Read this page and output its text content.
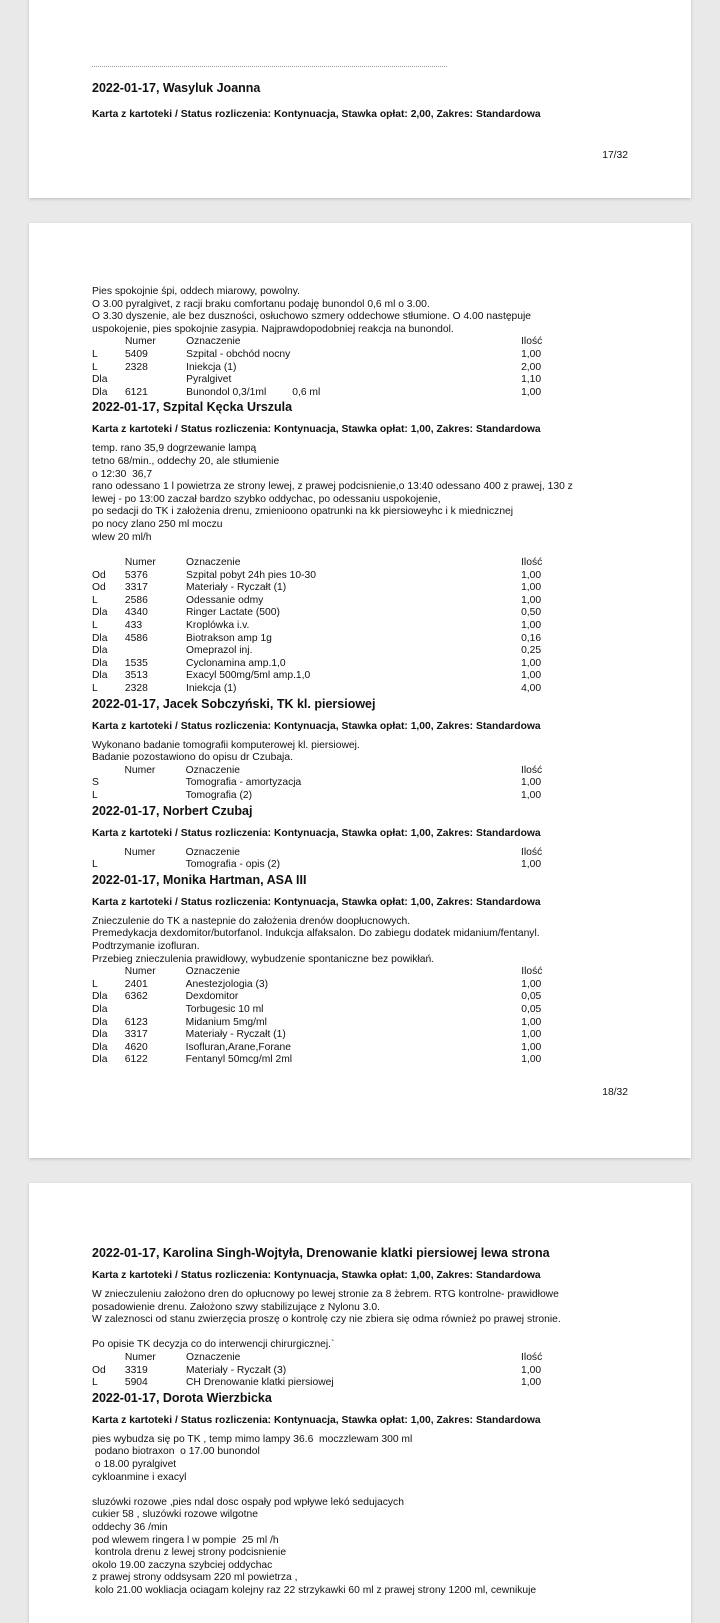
2022-01-17, Wasyluk Joanna

Karta z kartoteki / Status rozliczenia: Kontynuacja, Stawka opłat: 2,00, Zakres: Standardowa

17/32

Pies spokojnie śpi, oddech miarowy, powolny.
O 3.00 pyralgivet, z racji braku comfortanu podaję bunondol 0,6 ml o 3.00.
O 3.30 dyszenie, ale bez duszności, osłuchowo szmery oddechowe stłumione. O 4.00 następuje
uspokojenie, pies spokojnie zasypia. Najprawdopodobniej reakcja na bunondol.

	Numer	Oznaczenie	Ilość
L	5409	Szpital - obchód nocny	1,00
L	2328	Iniekcja (1)	2,00
Dla		Pyralgivet	1,10
Dla	6121	Bunondol 0,3/1ml 0,6 ml	1,00

2022-01-17, Szpital Kęcka Urszula

Karta z kartoteki / Status rozliczenia: Kontynuacja, Stawka opłat: 1,00, Zakres: Standardowa

temp. rano 35,9 dogrzewanie lampą
tetno 68/min., oddechy 20, ale stłumienie
o 12:30  36,7
rano odessano 1 l powietrza ze strony lewej, z prawej podcisnienie,o 13:40 odessano 400 z prawej, 130 z
lewej - po 13:00 zaczał bardzo szybko oddychac, po odessaniu uspokojenie,
po sedacji do TK i założenia drenu, zmienioono opatrunki na kk piersioweyhc i k miednicznej
po nocy zlano 250 ml moczu
wlew 20 ml/h

	Numer	Oznaczenie	Ilość
Od	5376	Szpital pobyt 24h pies 10-30	1,00
Od	3317	Materiały - Ryczałt (1)	1,00
L	2586	Odessanie odmy	1,00
Dla	4340	Ringer Lactate (500)	0,50
L	433	Kroplówka i.v.	1,00
Dla	4586	Biotrakson amp 1g	0,16
Dla		Omeprazol inj.	0,25
Dla	1535	Cyclonamina amp.1,0	1,00
Dla	3513	Exacyl 500mg/5ml amp.1,0	1,00
L	2328	Iniekcja (1)	4,00

2022-01-17, Jacek Sobczyński, TK kl. piersiowej

Karta z kartoteki / Status rozliczenia: Kontynuacja, Stawka opłat: 1,00, Zakres: Standardowa

Wykonano badanie tomografii komputerowej kl. piersiowej.
Badanie pozostawiono do opisu dr Czubaja.

	Numer	Oznaczenie	Ilość
S		Tomografia - amortyzacja	1,00
L		Tomografia (2)	1,00

2022-01-17, Norbert Czubaj

Karta z kartoteki / Status rozliczenia: Kontynuacja, Stawka opłat: 1,00, Zakres: Standardowa

	Numer	Oznaczenie	Ilość
L		Tomografia - opis (2)	1,00

2022-01-17, Monika Hartman, ASA III

Karta z kartoteki / Status rozliczenia: Kontynuacja, Stawka opłat: 1,00, Zakres: Standardowa

Znieczulenie do TK a nastepnie do założenia drenów doopłucnowych.
Premedykacja dexdomitor/butorfanol. Indukcja alfaksalon. Do zabiegu dodatek midanium/fentanyl.
Podtrzymanie izofluran.
Przebieg znieczulenia prawidłowy, wybudzenie spontaniczne bez powikłań.

	Numer	Oznaczenie	Ilość
L	2401	Anestezjologia (3)	1,00
Dla	6362	Dexdomitor	0,05
Dla		Torbugesic 10 ml	0,05
Dla	6123	Midanium 5mg/ml	1,00
Dla	3317	Materiały - Ryczałt (1)	1,00
Dla	4620	Isofluran,Arane,Forane	1,00
Dla	6122	Fentanyl 50mcg/ml 2ml	1,00
18/32

2022-01-17, Karolina Singh-Wojtyła, Drenowanie klatki piersiowej lewa strona

Karta z kartoteki / Status rozliczenia: Kontynuacja, Stawka opłat: 1,00, Zakres: Standardowa

W znieczuleniu założono dren do opłucnowy po lewej stronie za 8 żebrem. RTG kontrolne- prawidłowe
posadowienie drenu. Założono szwy stabilizujące z Nylonu 3.0.
W zaleznosci od stanu zwierzęcia proszę o kontrolę czy nie zbiera się odma również po prawej stronie.

Po opisie TK decyzja co do interwencji chirurgicznej.`

	Numer	Oznaczenie	Ilość
Od	3319	Materiały - Ryczałt (3)	1,00
L	5904	CH Drenowanie klatki piersiowej	1,00

2022-01-17, Dorota Wierzbicka

Karta z kartoteki / Status rozliczenia: Kontynuacja, Stawka opłat: 1,00, Zakres: Standardowa

pies wybudza się po TK , temp mimo lampy 36.6  moczzlewam 300 ml
podano biotraxon  o 17.00 bunondol
o 18.00 pyralgivet
cykloanmine i exacyl

sluzówki rozowe ,pies ndal dosc ospały pod wpływe lekó sedujacych
cukier 58 , sluzówki rozowe wilgotne
oddechy 36 /min
pod wlewem ringera l w pompie  25 ml /h
kontrola drenu z lewej strony podcisnienie
okolo 19.00 zaczyna szybciej oddychac
z prawej strony oddsysam 220 ml powietrza ,
kolo 21.00 wokliacja ociagam kolejny raz 22 strzykawki 60 ml z prawej strony 1200 ml, cewnikuje
